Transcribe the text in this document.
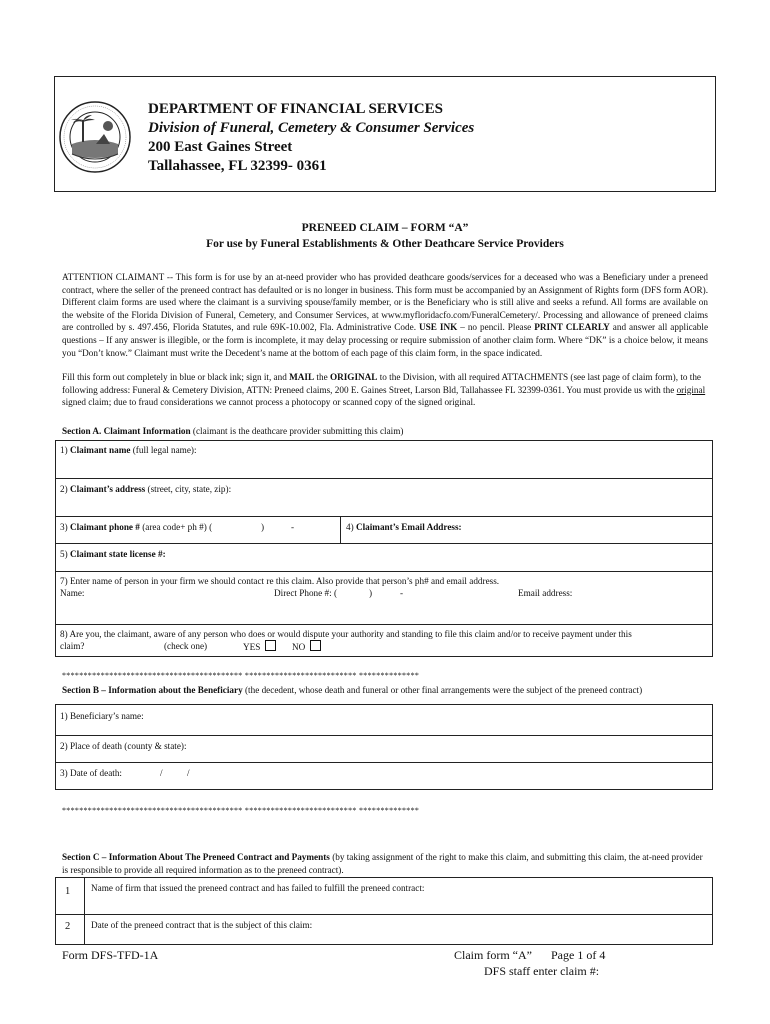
DEPARTMENT OF FINANCIAL SERVICES
Division of Funeral, Cemetery & Consumer Services
200 East Gaines Street
Tallahassee, FL 32399- 0361
PRENEED CLAIM – FORM “A”
For use by Funeral Establishments & Other Deathcare Service Providers
ATTENTION CLAIMANT -- This form is for use by an at-need provider who has provided deathcare goods/services for a deceased who was a Beneficiary under a preneed contract, where the seller of the preneed contract has defaulted or is no longer in business. This form must be accompanied by an Assignment of Rights form (DFS form AOR). Different claim forms are used where the claimant is a surviving spouse/family member, or is the Beneficiary who is still alive and seeks a refund. All forms are available on the website of the Florida Division of Funeral, Cemetery, and Consumer Services, at www.myfloridacfo.com/FuneralCemetery/. Processing and allowance of preneed claims are controlled by s. 497.456, Florida Statutes, and rule 69K-10.002, Fla. Administrative Code. USE INK – no pencil. Please PRINT CLEARLY and answer all applicable questions – If any answer is illegible, or the form is incomplete, it may delay processing or require submission of another claim form. Where “DK” is a choice below, it means you “Don’t know.” Claimant must write the Decedent’s name at the bottom of each page of this claim form, in the space indicated.
Fill this form out completely in blue or black ink; sign it, and MAIL the ORIGINAL to the Division, with all required ATTACHMENTS (see last page of claim form), to the following address: Funeral & Cemetery Division, ATTN: Preneed claims, 200 E. Gaines Street, Larson Bld, Tallahassee FL 32399-0361. You must provide us with the original signed claim; due to fraud considerations we cannot process a photocopy or scanned copy of the signed original.
Section A. Claimant Information (claimant is the deathcare provider submitting this claim)
1) Claimant name (full legal name):
2) Claimant’s address (street, city, state, zip):
3) Claimant phone # (area code+ ph #) (	)	-	4) Claimant’s Email Address:
5) Claimant state license #:
7) Enter name of person in your firm we should contact re this claim. Also provide that person’s ph# and email address.
Name:	Direct Phone #: (	)	-	Email address:
8) Are you, the claimant, aware of any person who does or would dispute your authority and standing to file this claim and/or to receive payment under this
claim?	(check one)	YES	NO
****************************************** ************************** **************
Section B – Information about the Beneficiary (the decedent, whose death and funeral or other final arrangements were the subject of the preneed contract)
1) Beneficiary’s name:
2) Place of death (county & state):
3) Date of death:	/	/
****************************************** ************************** **************
Section C – Information About The Preneed Contract and Payments (by taking assignment of the right to make this claim, and submitting this claim, the at-need provider is responsible to provide all required information as to the preneed contract).
1 Name of firm that issued the preneed contract and has failed to fulfill the preneed contract:
2 Date of the preneed contract that is the subject of this claim:
Form DFS-TFD-1A	Claim form “A” Page 1 of 4
DFS staff enter claim #:
